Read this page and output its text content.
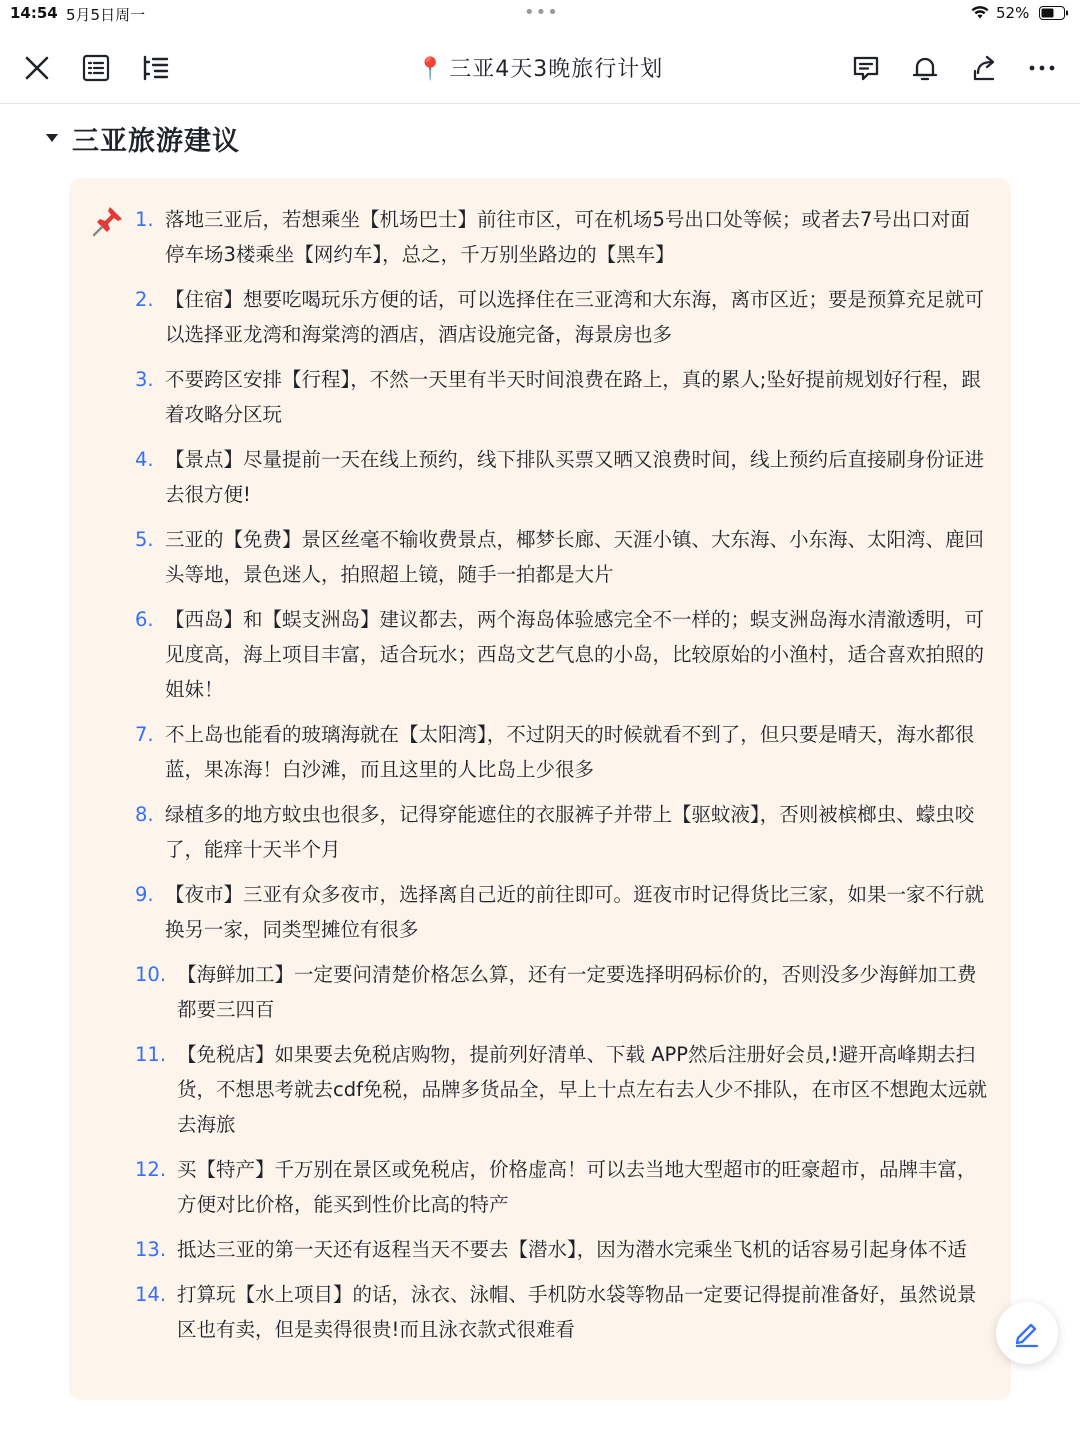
14:54 5月5日周一	•••	52%
📍 三亚4天3晚旅行计划
三亚旅游建议
1. 落地三亚后，若想乘坐【机场巴士】前往市区，可在机场5号出口处等候；或者去7号出口对面停车场3楼乘坐【网约车】，总之，千万别坐路边的【黑车】
2. 【住宿】想要吃喝玩乐方便的话，可以选择住在三亚湾和大东海，离市区近；要是预算充足就可以选择亚龙湾和海棠湾的酒店，酒店设施完备，海景房也多
3. 不要跨区安排【行程】，不然一天里有半天时间浪费在路上，真的累人;坠好提前规划好行程，跟着攻略分区玩
4. 【景点】尽量提前一天在线上预约，线下排队买票又晒又浪费时间，线上预约后直接刷身份证进去很方便!
5. 三亚的【免费】景区丝毫不输收费景点，椰梦长廊、天涯小镇、大东海、小东海、太阳湾、鹿回头等地，景色迷人，拍照超上镜，随手一拍都是大片
6. 【西岛】和【蜈支洲岛】建议都去，两个海岛体验感完全不一样的；蜈支洲岛海水清澈透明，可见度高，海上项目丰富，适合玩水；西岛文艺气息的小岛，比较原始的小渔村，适合喜欢拍照的姐妹！
7. 不上岛也能看的玻璃海就在【太阳湾】，不过阴天的时候就看不到了，但只要是晴天，海水都很蓝，果冻海！白沙滩，而且这里的人比岛上少很多
8. 绿植多的地方蚊虫也很多，记得穿能遮住的衣服裤子并带上【驱蚊液】，否则被槟榔虫、蠓虫咬了，能痒十天半个月
9. 【夜市】三亚有众多夜市，选择离自己近的前往即可。逛夜市时记得货比三家，如果一家不行就换另一家，同类型摊位有很多
10. 【海鲜加工】一定要问清楚价格怎么算，还有一定要选择明码标价的，否则没多少海鲜加工费都要三四百
11. 【免税店】如果要去免税店购物，提前列好清单、下载 APP然后注册好会员,!避开高峰期去扫货，不想思考就去cdf免税，品牌多货品全，早上十点左右去人少不排队，在市区不想跑太远就去海旅
12. 买【特产】千万别在景区或免税店，价格虚高！可以去当地大型超市的旺豪超市，品牌丰富，方便对比价格，能买到性价比高的特产
13. 抵达三亚的第一天还有返程当天不要去【潜水】，因为潜水完乘坐飞机的话容易引起身体不适
14. 打算玩【水上项目】的话，泳衣、泳帽、手机防水袋等物品一定要记得提前准备好，虽然说景区也有卖，但是卖得很贵!而且泳衣款式很难看
